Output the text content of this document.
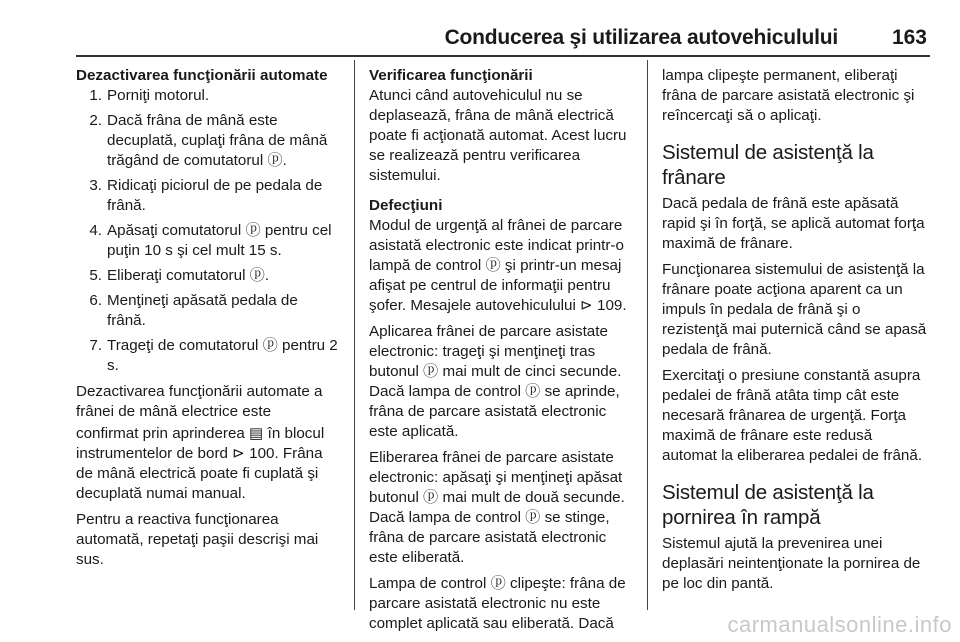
Conducerea şi utilizarea autovehiculului	163

Dezactivarea funcţionării automate

1. Porniţi motorul.
2. Dacă frâna de mână este decuplată, cuplaţi frâna de mână trăgând de comutatorul ⓟ.
3. Ridicaţi piciorul de pe pedala de frână.
4. Apăsaţi comutatorul ⓟ pentru cel puţin 10 s şi cel mult 15 s.
5. Eliberaţi comutatorul ⓟ.
6. Menţineţi apăsată pedala de frână.
7. Trageţi de comutatorul ⓟ pentru 2 s.

Dezactivarea funcţionării automate a frânei de mână electrice este

confirmat prin aprinderea ▤ în blocul instrumentelor de bord ⊳ 100. Frâna de mână electrică poate fi cuplată şi decuplată numai manual.

Pentru a reactiva funcţionarea automată, repetaţi paşii descrişi mai sus.

Verificarea funcţionării

Atunci când autovehiculul nu se deplasează, frâna de mână electrică poate fi acţionată automat. Acest lucru se realizează pentru verificarea sistemului.

Defecţiuni

Modul de urgenţă al frânei de parcare asistată electronic este indicat printr-o lampă de control ⓟ şi printr-un mesaj afişat pe centrul de informaţii pentru şofer. Mesajele autovehiculului ⊳ 109.

Aplicarea frânei de parcare asistate electronic: trageţi şi menţineţi tras butonul ⓟ mai mult de cinci secunde. Dacă lampa de control ⓟ se aprinde, frâna de parcare asistată electronic este aplicată.

Eliberarea frânei de parcare asistate electronic: apăsaţi şi menţineţi apăsat butonul ⓟ mai mult de două secunde. Dacă lampa de control ⓟ se stinge, frâna de parcare asistată electronic este eliberată.

Lampa de control ⓟ clipeşte: frâna de parcare asistată electronic nu este complet aplicată sau eliberată. Dacă

lampa clipeşte permanent, eliberaţi frâna de parcare asistată electronic şi reîncercaţi să o aplicaţi.

Sistemul de asistenţă la frânare

Dacă pedala de frână este apăsată rapid şi în forţă, se aplică automat forţa maximă de frânare.

Funcţionarea sistemului de asistenţă la frânare poate acţiona aparent ca un impuls în pedala de frână şi o rezistenţă mai puternică când se apasă pedala de frână.

Exercitaţi o presiune constantă asupra pedalei de frână atâta timp cât este necesară frânarea de urgenţă. Forţa maximă de frânare este redusă automat la eliberarea pedalei de frână.

Sistemul de asistenţă la pornirea în rampă

Sistemul ajută la prevenirea unei deplasări neintenţionate la pornirea de pe loc din pantă.

carmanualsonline.info
